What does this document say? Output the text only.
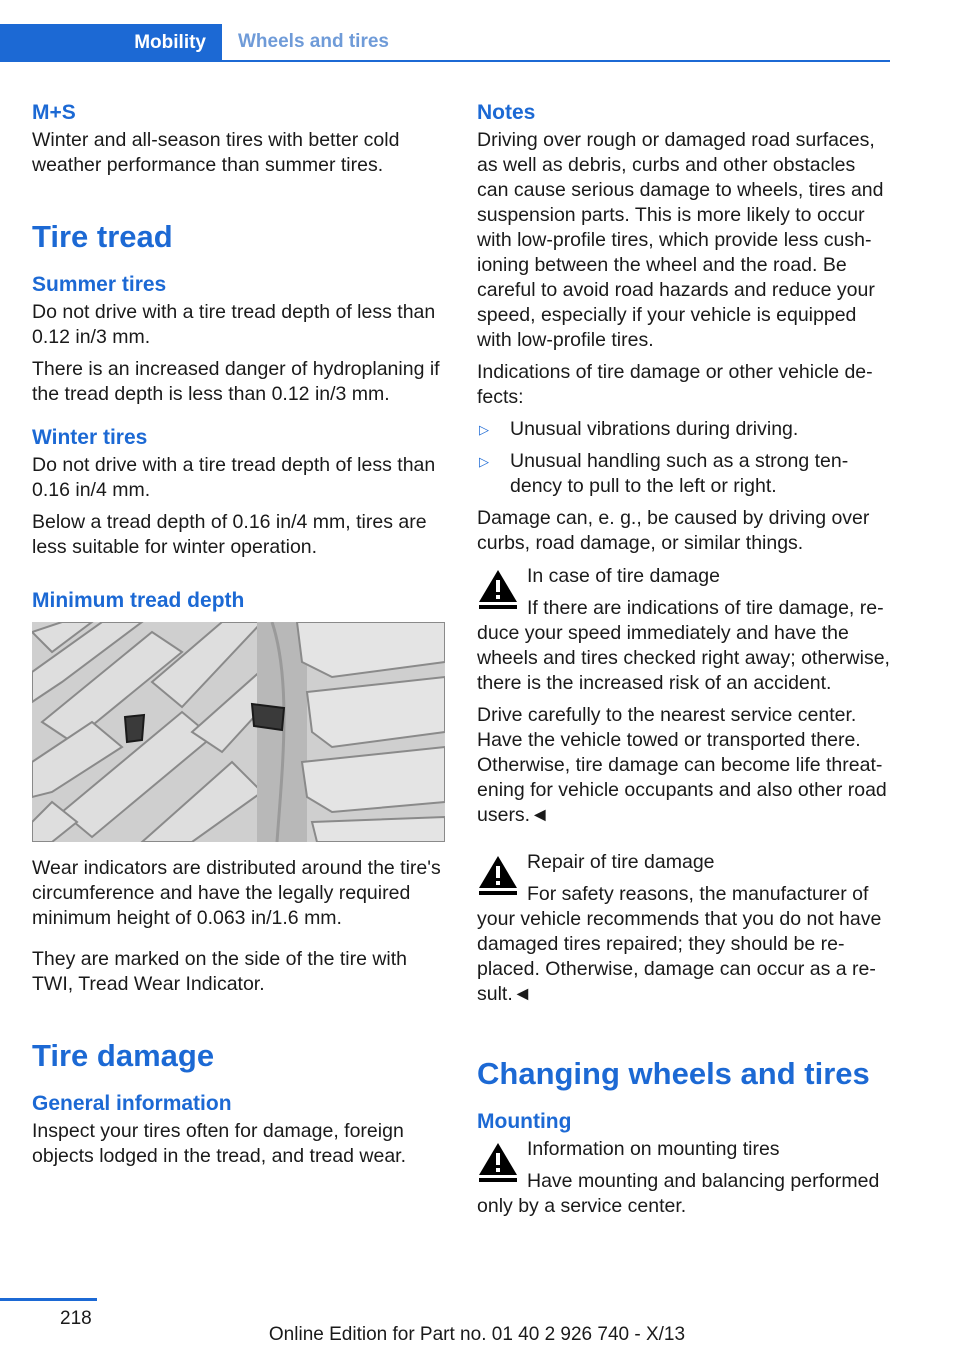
Mobility	Wheels and tires
M+S

Winter and all-season tires with better cold weather performance than summer tires.

Tire tread
Summer tires

Do not drive with a tire tread depth of less than 0.12 in/3 mm.

There is an increased danger of hydroplaning if the tread depth is less than 0.12 in/3 mm.

Winter tires

Do not drive with a tire tread depth of less than 0.16 in/4 mm.

Below a tread depth of 0.16 in/4 mm, tires are less suitable for winter operation.

Minimum tread depth

Wear indicators are distributed around the tire's circumference and have the legally required minimum height of 0.063 in/1.6 mm.

They are marked on the side of the tire with TWI, Tread Wear Indicator.

Tire damage
General information

Inspect your tires often for damage, foreign objects lodged in the tread, and tread wear.

Notes

Driving over rough or damaged road surfaces, as well as debris, curbs and other obstacles can cause serious damage to wheels, tires and suspension parts. This is more likely to occur with low-profile tires, which provide less cushioning between the wheel and the road. Be careful to avoid road hazards and reduce your speed, especially if your vehicle is equipped with low-profile tires.

Indications of tire damage or other vehicle defects:

▷ Unusual vibrations during driving.
▷ Unusual handling such as a strong tendency to pull to the left or right.

Damage can, e. g., be caused by driving over curbs, road damage, or similar things.

In case of tire damage

If there are indications of tire damage, reduce your speed immediately and have the wheels and tires checked right away; otherwise, there is the increased risk of an accident.

Drive carefully to the nearest service center. Have the vehicle towed or transported there. Otherwise, tire damage can become life threatening for vehicle occupants and also other road users.◄

Repair of tire damage

For safety reasons, the manufacturer of your vehicle recommends that you do not have damaged tires repaired; they should be replaced. Otherwise, damage can occur as a result.◄

Changing wheels and tires
Mounting

Information on mounting tires

Have mounting and balancing performed only by a service center.

218
Online Edition for Part no. 01 40 2 926 740 - X/13
